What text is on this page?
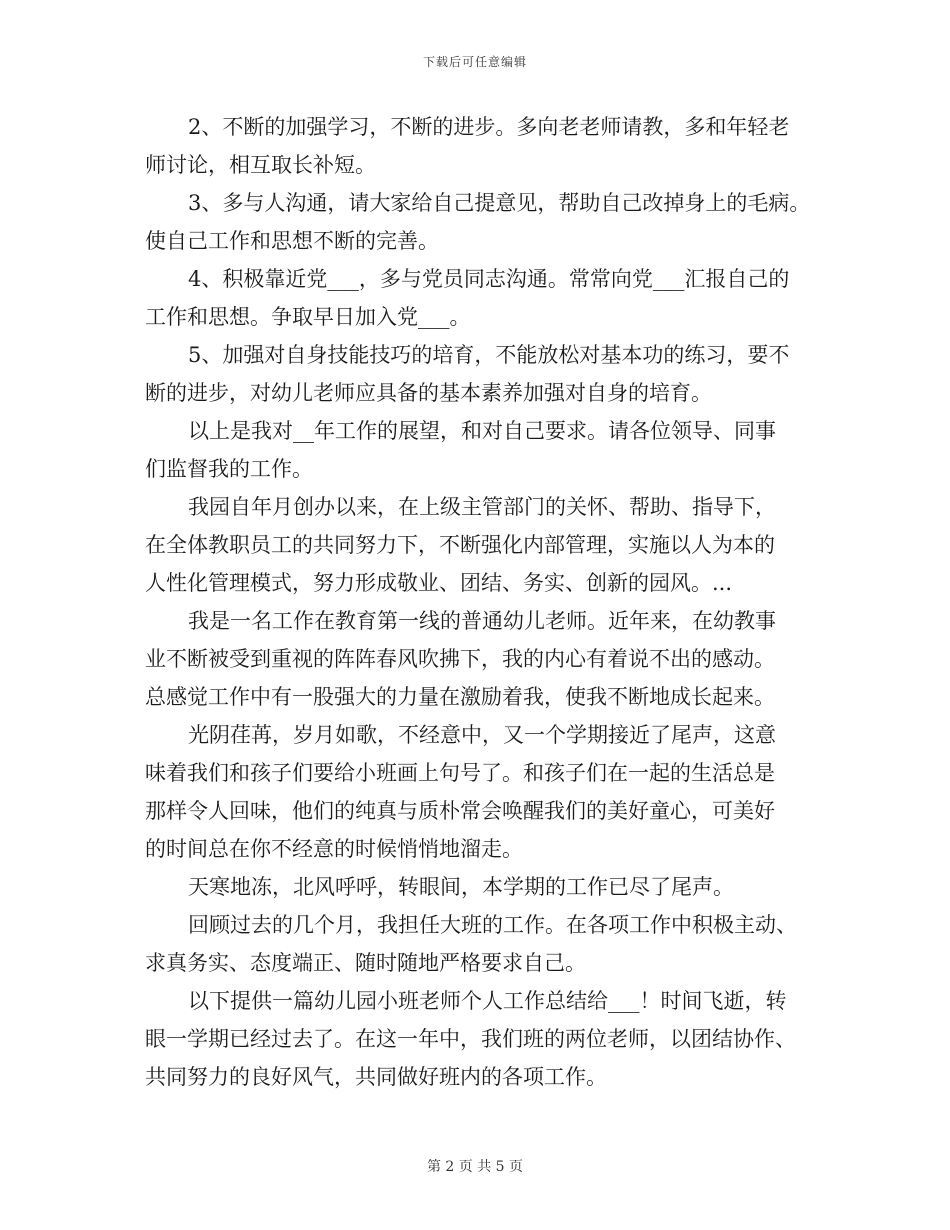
下载后可任意编辑

2、不断的加强学习，不断的进步。多向老老师请教，多和年轻老
师讨论，相互取长补短。

3、多与人沟通，请大家给自己提意见，帮助自己改掉身上的毛病。
使自己工作和思想不断的完善。

4、积极靠近党___，多与党员同志沟通。常常向党___汇报自己的
工作和思想。争取早日加入党___。

5、加强对自身技能技巧的培育，不能放松对基本功的练习，要不
断的进步，对幼儿老师应具备的基本素养加强对自身的培育。

以上是我对__年工作的展望，和对自己要求。请各位领导、同事
们监督我的工作。

我园自年月创办以来，在上级主管部门的关怀、帮助、指导下，
在全体教职员工的共同努力下，不断强化内部管理，实施以人为本的
人性化管理模式，努力形成敬业、团结、务实、创新的园风。...

我是一名工作在教育第一线的普通幼儿老师。近年来，在幼教事
业不断被受到重视的阵阵春风吹拂下，我的内心有着说不出的感动。
总感觉工作中有一股强大的力量在激励着我，使我不断地成长起来。

光阴荏苒，岁月如歌，不经意中，又一个学期接近了尾声，这意
味着我们和孩子们要给小班画上句号了。和孩子们在一起的生活总是
那样令人回味，他们的纯真与质朴常会唤醒我们的美好童心，可美好
的时间总在你不经意的时候悄悄地溜走。

天寒地冻，北风呼呼，转眼间，本学期的工作已尽了尾声。

回顾过去的几个月，我担任大班的工作。在各项工作中积极主动、
求真务实、态度端正、随时随地严格要求自己。

以下提供一篇幼儿园小班老师个人工作总结给___！时间飞逝，转
眼一学期已经过去了。在这一年中，我们班的两位老师，以团结协作、
共同努力的良好风气，共同做好班内的各项工作。

第 2 页 共 5 页
